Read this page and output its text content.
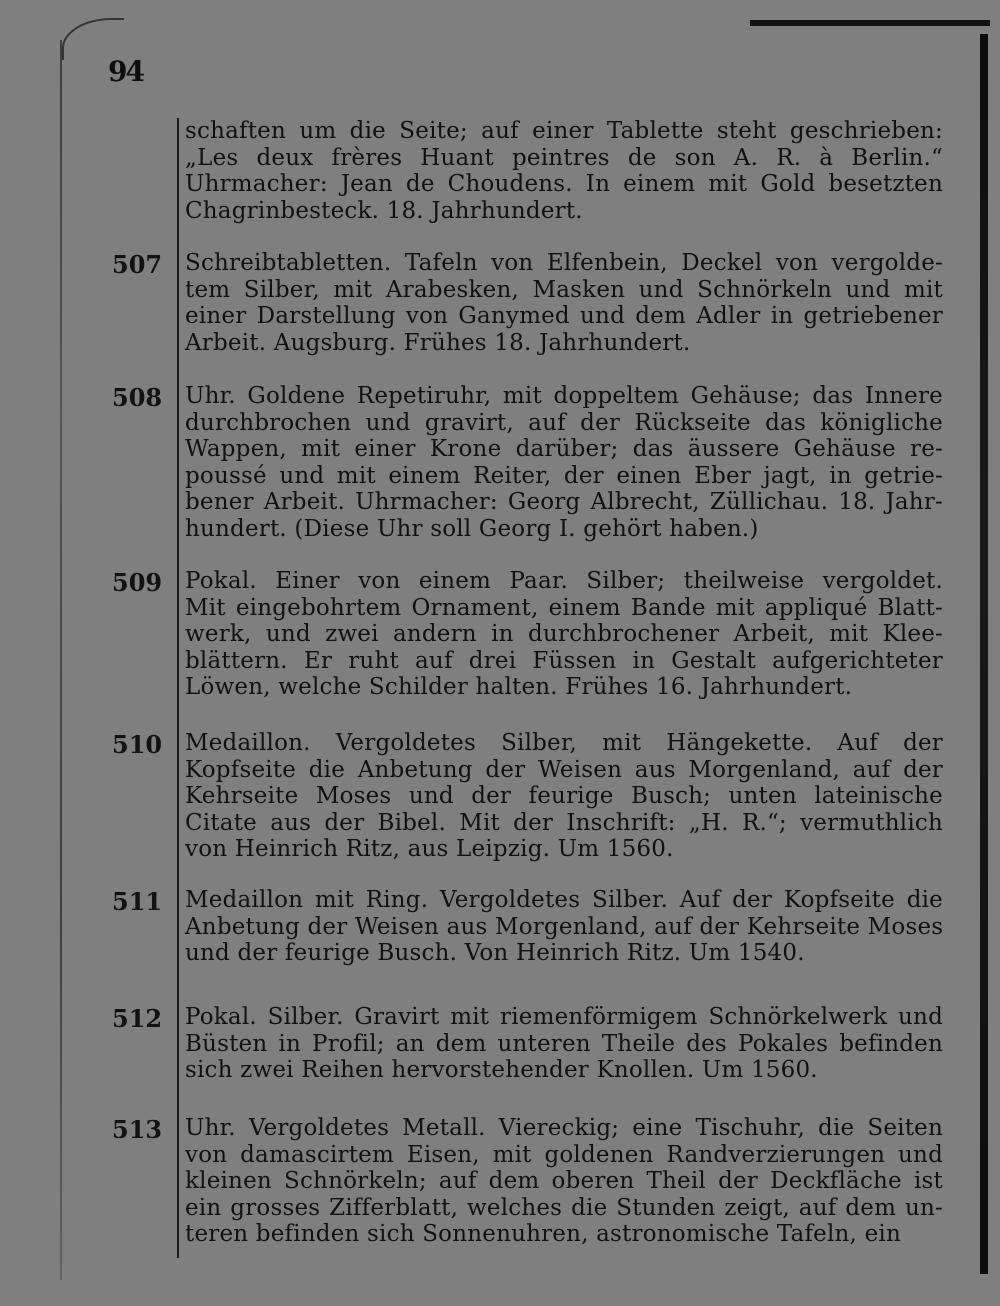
94
schaften um die Seite; auf einer Tablette steht geschrieben:
„Les deux frères Huant peintres de son A. R. à Berlin.“
Uhrmacher: Jean de Choudens. In einem mit Gold besetzten
Chagrinbesteck. 18. Jahrhundert.
507 Schreibtabletten. Tafeln von Elfenbein, Deckel von vergolde-
tem Silber, mit Arabesken, Masken und Schnörkeln und mit
einer Darstellung von Ganymed und dem Adler in getriebener
Arbeit. Augsburg. Frühes 18. Jahrhundert.
508 Uhr. Goldene Repetiruhr, mit doppeltem Gehäuse; das Innere
durchbrochen und gravirt, auf der Rückseite das königliche
Wappen, mit einer Krone darüber; das äussere Gehäuse re-
poussé und mit einem Reiter, der einen Eber jagt, in getrie-
bener Arbeit. Uhrmacher: Georg Albrecht, Züllichau. 18. Jahr-
hundert. (Diese Uhr soll Georg I. gehört haben.)
509 Pokal. Einer von einem Paar. Silber; theilweise vergoldet.
Mit eingebohrtem Ornament, einem Bande mit appliqué Blatt-
werk, und zwei andern in durchbrochener Arbeit, mit Klee-
blättern. Er ruht auf drei Füssen in Gestalt aufgerichteter
Löwen, welche Schilder halten. Frühes 16. Jahrhundert.
510 Medaillon. Vergoldetes Silber, mit Hängekette. Auf der
Kopfseite die Anbetung der Weisen aus Morgenland, auf der
Kehrseite Moses und der feurige Busch; unten lateinische
Citate aus der Bibel. Mit der Inschrift: „H. R.“; vermuthlich
von Heinrich Ritz, aus Leipzig. Um 1560.
511 Medaillon mit Ring. Vergoldetes Silber. Auf der Kopfseite die
Anbetung der Weisen aus Morgenland, auf der Kehrseite Moses
und der feurige Busch. Von Heinrich Ritz. Um 1540.
512 Pokal. Silber. Gravirt mit riemenförmigem Schnörkelwerk und
Büsten in Profil; an dem unteren Theile des Pokales befinden
sich zwei Reihen hervorstehender Knollen. Um 1560.
513 Uhr. Vergoldetes Metall. Viereckig; eine Tischuhr, die Seiten
von damascirtem Eisen, mit goldenen Randverzierungen und
kleinen Schnörkeln; auf dem oberen Theil der Deckfläche ist
ein grosses Zifferblatt, welches die Stunden zeigt, auf dem un-
teren befinden sich Sonnenuhren, astronomische Tafeln, ein
